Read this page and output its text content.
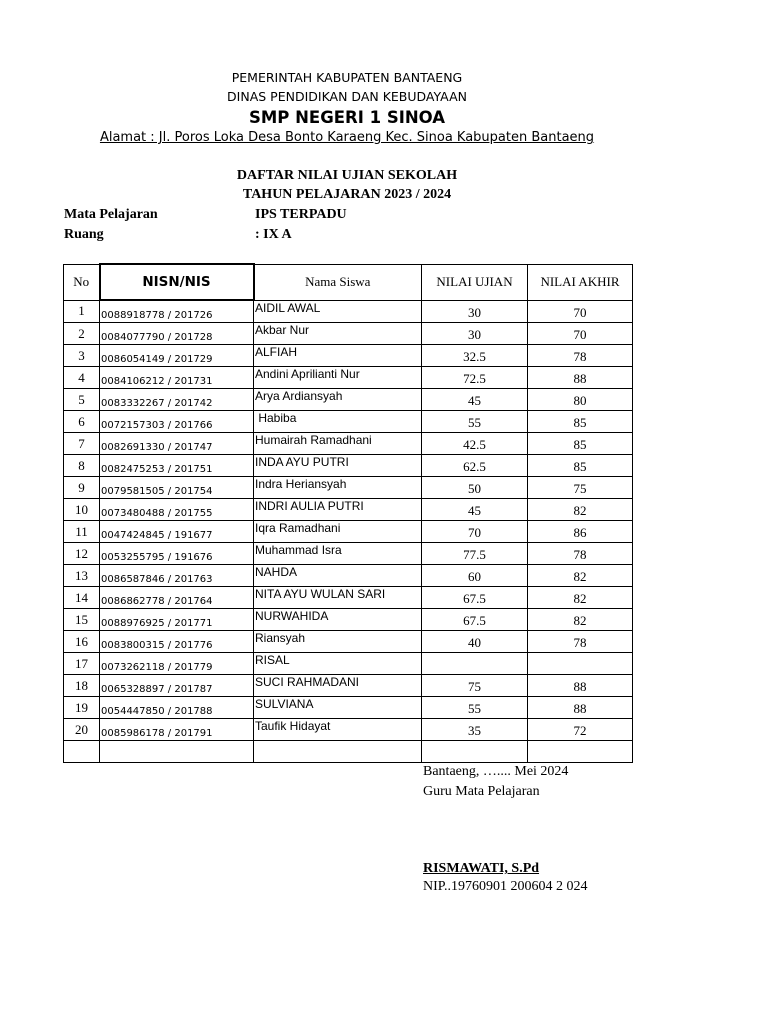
PEMERINTAH KABUPATEN BANTAENG
DINAS PENDIDIKAN DAN KEBUDAYAAN
SMP NEGERI 1 SINOA
Alamat : Jl. Poros Loka Desa Bonto Karaeng Kec. Sinoa Kabupaten Bantaeng
DAFTAR NILAI UJIAN SEKOLAH
TAHUN PELAJARAN 2023 / 2024
Mata Pelajaran	IPS TERPADU
Ruang	: IX A
No	NISN/NIS	Nama Siswa	NILAI UJIAN	NILAI AKHIR
1	0088918778 / 201726	AIDIL AWAL	30	70
2	0084077790 / 201728	Akbar Nur	30	70
3	0086054149 / 201729	ALFIAH	32.5	78
4	0084106212 / 201731	Andini Aprilianti Nur	72.5	88
5	0083332267 / 201742	Arya Ardiansyah	45	80
6	0072157303 / 201766	Habiba	55	85
7	0082691330 / 201747	Humairah Ramadhani	42.5	85
8	0082475253 / 201751	INDA AYU PUTRI	62.5	85
9	0079581505 / 201754	Indra Heriansyah	50	75
10	0073480488 / 201755	INDRI AULIA PUTRI	45	82
11	0047424845 / 191677	Iqra Ramadhani	70	86
12	0053255795 / 191676	Muhammad Isra	77.5	78
13	0086587846 / 201763	NAHDA	60	82
14	0086862778 / 201764	NITA AYU WULAN SARI	67.5	82
15	0088976925 / 201771	NURWAHIDA	67.5	82
16	0083800315 / 201776	Riansyah	40	78
17	0073262118 / 201779	RISAL		
18	0065328897 / 201787	SUCI RAHMADANI	75	88
19	0054447850 / 201788	SULVIANA	55	88
20	0085986178 / 201791	Taufik Hidayat	35	72

Bantaeng, ….... Mei 2024
Guru Mata Pelajaran
RISMAWATI, S.Pd
NIP..19760901 200604 2 024
